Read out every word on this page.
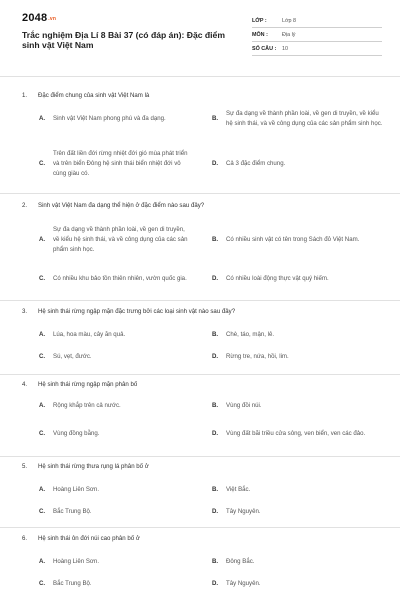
2048.vn
Trắc nghiệm Địa Lí 8 Bài 37 (có đáp án): Đặc điểm sinh vật Việt Nam
LỚP :	Lớp 8
MÔN :	Địa lý
SỐ CÂU :	10
1. Đặc điểm chung của sinh vật Việt Nam là
A.	Sinh vật Việt Nam phong phú và đa dạng.	B.
Sự đa dạng về thành phần loài, về gen di truyền, về kiểu hệ sinh thái, và về công dụng của các sản phẩm sinh học.
C.
Trên đất liền đới rừng nhiệt đới gió mùa phát triển và trên biển Đông hệ sinh thái biển nhiệt đới vô cùng giàu có.
D.	Cả 3 đặc điểm chung.
2. Sinh vật Việt Nam đa dạng thể hiện ở đặc điểm nào sau đây?
A.
Sự đa dạng về thành phần loài, về gen di truyền, về kiểu hệ sinh thái, và về công dụng của các sản phẩm sinh học.
B.	Có nhiều sinh vật có tên trong Sách đỏ Việt Nam.
C.	Có nhiều khu bảo tồn thiên nhiên, vườn quốc gia.	D.	Có nhiều loài động thực vật quý hiếm.
3. Hệ sinh thái rừng ngập mặn đặc trưng bởi các loại sinh vật nào sau đây?
A.	Lúa, hoa màu, cây ăn quả.	B.	Chè, táo, mận, lê.
C.	Sú, vẹt, đước.	D.	Rừng tre, nứa, hồi, lim.
4. Hệ sinh thái rừng ngập mặn phân bố
A.	Rộng khắp trên cả nước.	B.	Vùng đồi núi.
C.	Vùng đồng bằng.	D.	Vùng đất bãi triều cửa sông, ven biển, ven các đảo.
5. Hệ sinh thái rừng thưa rụng lá phân bố ở
A.	Hoàng Liên Sơn.	B.	Việt Bắc.
C.	Bắc Trung Bộ.	D.	Tây Nguyên.
6. Hệ sinh thái ôn đới núi cao phân bố ở
A.	Hoàng Liên Sơn.	B.	Đông Bắc.
C.	Bắc Trung Bộ.	D.	Tây Nguyên.
